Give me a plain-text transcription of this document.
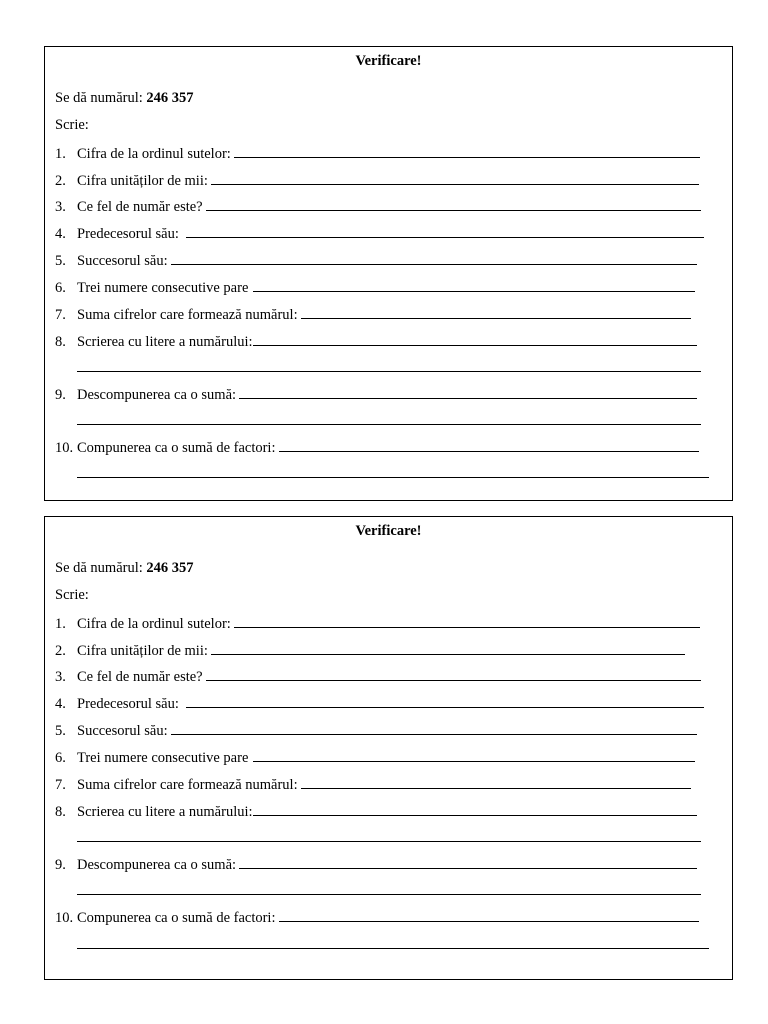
Verificare!
Se dă numărul:
246 357
Scrie:
1. Cifra de la ordinul sutelor:
2. Cifra unităților de mii:
3. Ce fel de număr este?
4. Predecesorul său:
5. Succesorul său:
6. Trei numere consecutive pare
7. Suma cifrelor care formează numărul:
8. Scrierea cu litere a numărului:
9. Descompunerea ca o sumă:
10. Compunerea ca o sumă de factori:
Verificare!
Se dă numărul:
246 357
Scrie:
1. Cifra de la ordinul sutelor:
2. Cifra unităților de mii:
3. Ce fel de număr este?
4. Predecesorul său:
5. Succesorul său:
6. Trei numere consecutive pare
7. Suma cifrelor care formează numărul:
8. Scrierea cu litere a numărului:
9. Descompunerea ca o sumă:
10. Compunerea ca o sumă de factori:
